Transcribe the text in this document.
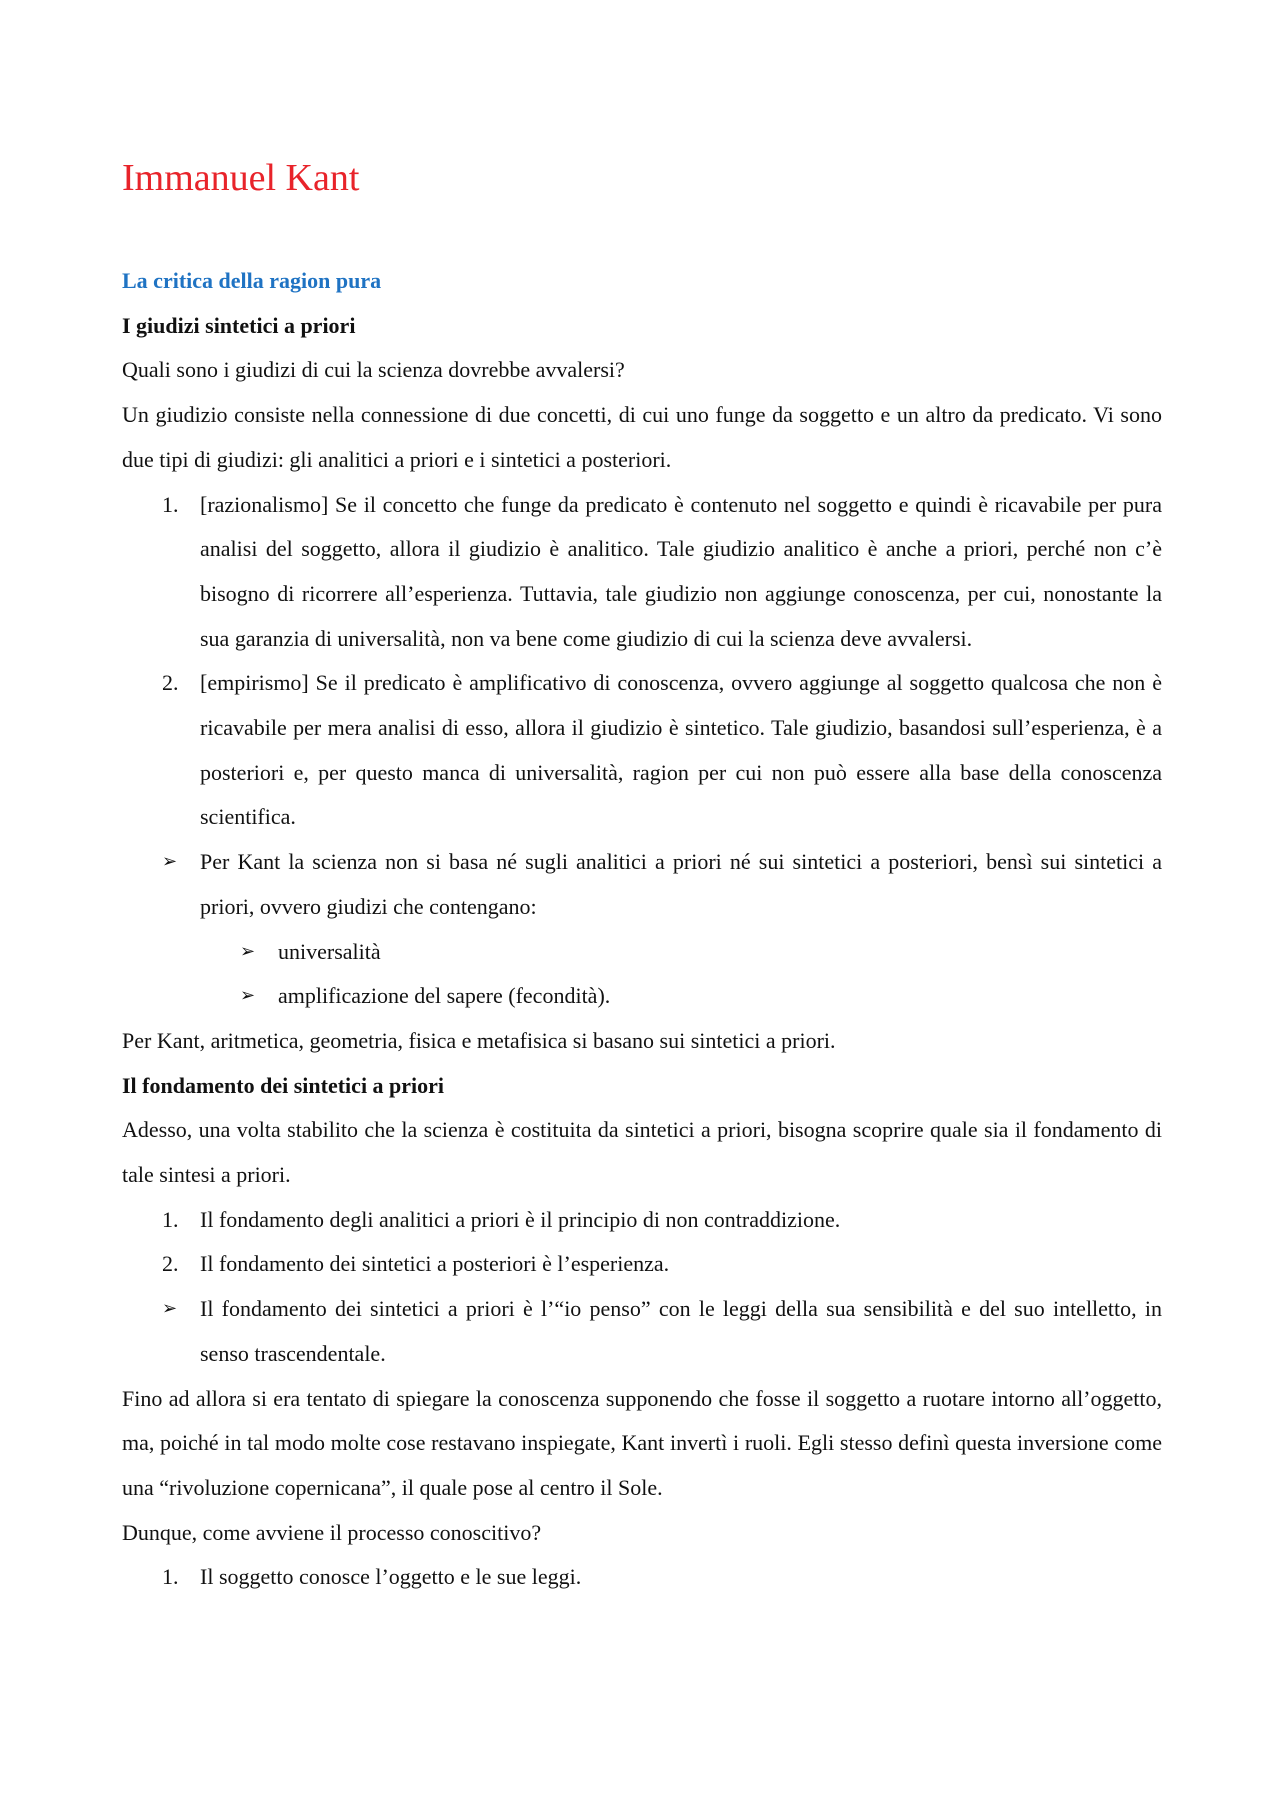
Immanuel Kant

La critica della ragion pura

I giudizi sintetici a priori

Quali sono i giudizi di cui la scienza dovrebbe avvalersi?

Un giudizio consiste nella connessione di due concetti, di cui uno funge da soggetto e un altro da predicato. Vi sono due tipi di giudizi: gli analitici a priori e i sintetici a posteriori.

1. [razionalismo] Se il concetto che funge da predicato è contenuto nel soggetto e quindi è ricavabile per pura analisi del soggetto, allora il giudizio è analitico. Tale giudizio analitico è anche a priori, perché non c’è bisogno di ricorrere all’esperienza. Tuttavia, tale giudizio non aggiunge conoscenza, per cui, nonostante la sua garanzia di universalità, non va bene come giudizio di cui la scienza deve avvalersi.
2. [empirismo] Se il predicato è amplificativo di conoscenza, ovvero aggiunge al soggetto qualcosa che non è ricavabile per mera analisi di esso, allora il giudizio è sintetico. Tale giudizio, basandosi sull’esperienza, è a posteriori e, per questo manca di universalità, ragion per cui non può essere alla base della conoscenza scientifica.
➢ Per Kant la scienza non si basa né sugli analitici a priori né sui sintetici a posteriori, bensì sui sintetici a priori, ovvero giudizi che contengano:
➢ universalità
➢ amplificazione del sapere (fecondità).

Per Kant, aritmetica, geometria, fisica e metafisica si basano sui sintetici a priori.

Il fondamento dei sintetici a priori

Adesso, una volta stabilito che la scienza è costituita da sintetici a priori, bisogna scoprire quale sia il fondamento di tale sintesi a priori.

1. Il fondamento degli analitici a priori è il principio di non contraddizione.
2. Il fondamento dei sintetici a posteriori è l’esperienza.
➢ Il fondamento dei sintetici a priori è l’“io penso” con le leggi della sua sensibilità e del suo intelletto, in senso trascendentale.

Fino ad allora si era tentato di spiegare la conoscenza supponendo che fosse il soggetto a ruotare intorno all’oggetto, ma, poiché in tal modo molte cose restavano inspiegate, Kant invertì i ruoli. Egli stesso definì questa inversione come una “rivoluzione copernicana”, il quale pose al centro il Sole.

Dunque, come avviene il processo conoscitivo?

1. Il soggetto conosce l’oggetto e le sue leggi.
